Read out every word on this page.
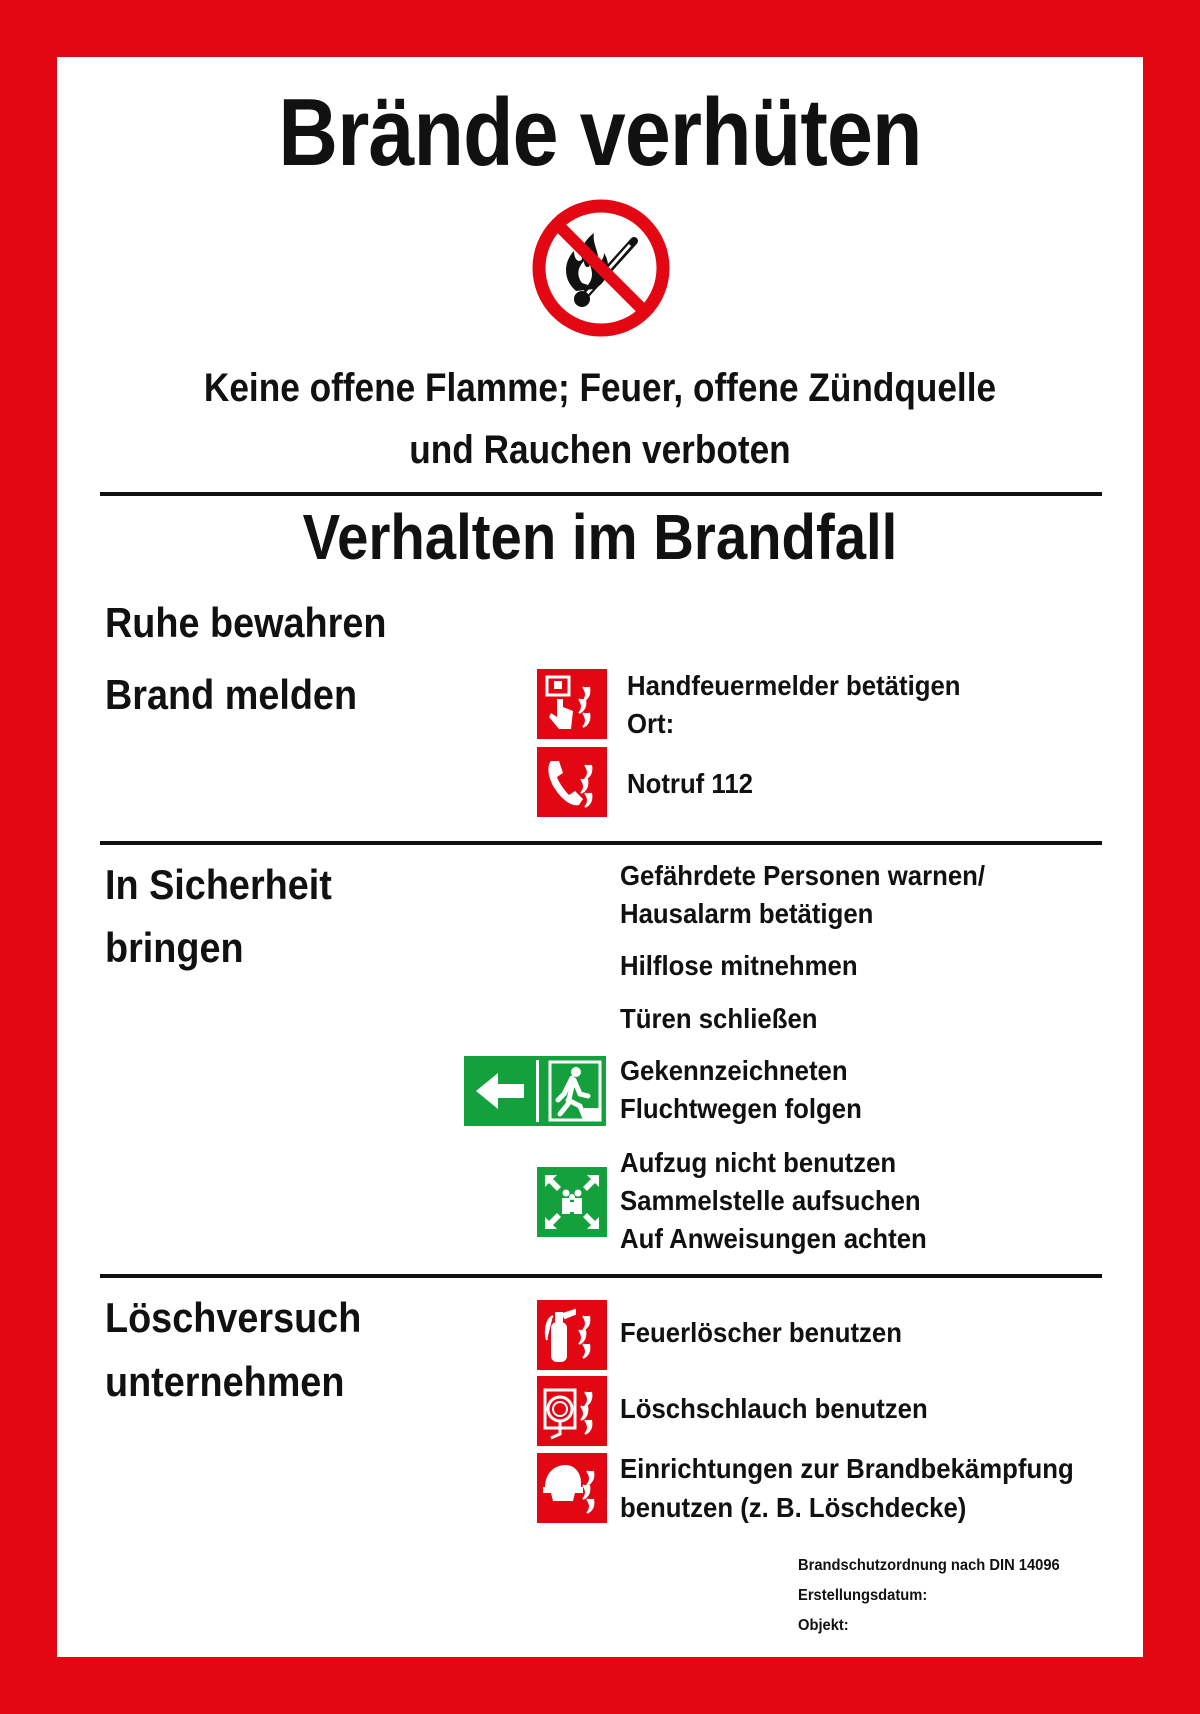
Brände verhüten
Keine offene Flamme; Feuer, offene Zündquelle
und Rauchen verboten
Verhalten im Brandfall
Ruhe bewahren
Brand melden	Handfeuermelder betätigen
Ort:
Notruf 112
In Sicherheit
bringen
Gefährdete Personen warnen/
Hausalarm betätigen
Hilflose mitnehmen
Türen schließen
Gekennzeichneten
Fluchtwegen folgen
Aufzug nicht benutzen
Sammelstelle aufsuchen
Auf Anweisungen achten
Löschversuch
unternehmen
Feuerlöscher benutzen
Löschschlauch benutzen
Einrichtungen zur Brandbekämpfung
benutzen (z. B. Löschdecke)
Brandschutzordnung nach DIN 14096
Erstellungsdatum:
Objekt:
